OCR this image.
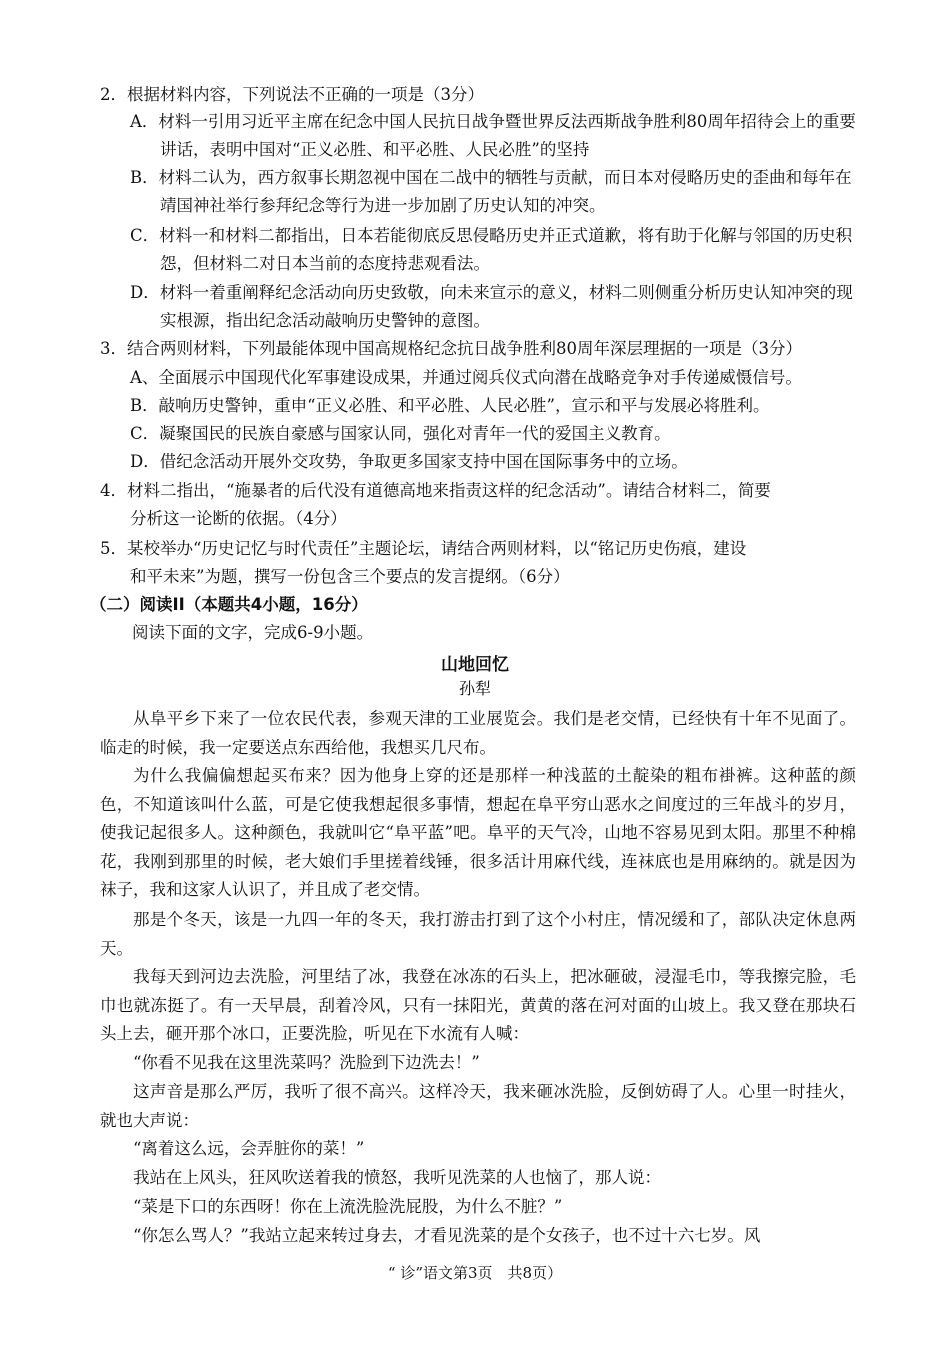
2．根据材料内容，下列说法不正确的一项是（3分）
A．材料一引用习近平主席在纪念中国人民抗日战争暨世界反法西斯战争胜利80周年招待会上的重要讲话，表明中国对“正义必胜、和平必胜、人民必胜”的坚持
B．材料二认为，西方叙事长期忽视中国在二战中的牺牲与贡献，而日本对侵略历史的歪曲和每年在靖国神社举行参拜纪念等行为进一步加剧了历史认知的冲突。
C．材料一和材料二都指出，日本若能彻底反思侵略历史并正式道歉，将有助于化解与邻国的历史积怨，但材料二对日本当前的态度持悲观看法。
D．材料一着重阐释纪念活动向历史致敬，向未来宣示的意义，材料二则侧重分析历史认知冲突的现实根源，指出纪念活动敲响历史警钟的意图。
3．结合两则材料，下列最能体现中国高规格纪念抗日战争胜利80周年深层理据的一项是（3分）
A、全面展示中国现代化军事建设成果，并通过阅兵仪式向潜在战略竞争对手传递威慑信号。
B．敲响历史警钟，重申“正义必胜、和平必胜、人民必胜”，宣示和平与发展必将胜利。
C．凝聚国民的民族自豪感与国家认同，强化对青年一代的爱国主义教育。
D．借纪念活动开展外交攻势，争取更多国家支持中国在国际事务中的立场。
4．材料二指出，“施暴者的后代没有道德高地来指责这样的纪念活动”。请结合材料二，简要
分析这一论断的依据。（4分）
5．某校举办“历史记忆与时代责任”主题论坛，请结合两则材料，以“铭记历史伤痕，建设
和平未来”为题，撰写一份包含三个要点的发言提纲。（6分）
（二）阅读II（本题共4小题，16分）
阅读下面的文字，完成6-9小题。
山地回忆
孙犁
从阜平乡下来了一位农民代表，参观天津的工业展览会。我们是老交情，已经快有十年不见面了。临走的时候，我一定要送点东西给他，我想买几尺布。
为什么我偏偏想起买布来？因为他身上穿的还是那样一种浅蓝的土靛染的粗布褂裤。这种蓝的颜色，不知道该叫什么蓝，可是它使我想起很多事情，想起在阜平穷山恶水之间度过的三年战斗的岁月，使我记起很多人。这种颜色，我就叫它“阜平蓝”吧。阜平的天气冷，山地不容易见到太阳。那里不种棉花，我刚到那里的时候，老大娘们手里搓着线锤，很多活计用麻代线，连袜底也是用麻纳的。就是因为袜子，我和这家人认识了，并且成了老交情。
那是个冬天，该是一九四一年的冬天，我打游击打到了这个小村庄，情况缓和了，部队决定休息两天。
我每天到河边去洗脸，河里结了冰，我登在冰冻的石头上，把冰砸破，浸湿毛巾，等我擦完脸，毛巾也就冻挺了。有一天早晨，刮着冷风，只有一抹阳光，黄黄的落在河对面的山坡上。我又登在那块石头上去，砸开那个冰口，正要洗脸，听见在下水流有人喊：
“你看不见我在这里洗菜吗？洗脸到下边洗去！”
这声音是那么严厉，我听了很不高兴。这样冷天，我来砸冰洗脸，反倒妨碍了人。心里一时挂火，就也大声说：
“离着这么远，会弄脏你的菜！”
我站在上风头，狂风吹送着我的愤怒，我听见洗菜的人也恼了，那人说：
“菜是下口的东西呀！你在上流洗脸洗屁股，为什么不脏？”
“你怎么骂人？”我站立起来转过身去，才看见洗菜的是个女孩子，也不过十六七岁。风
“ 诊”语文第3页　共8页）
